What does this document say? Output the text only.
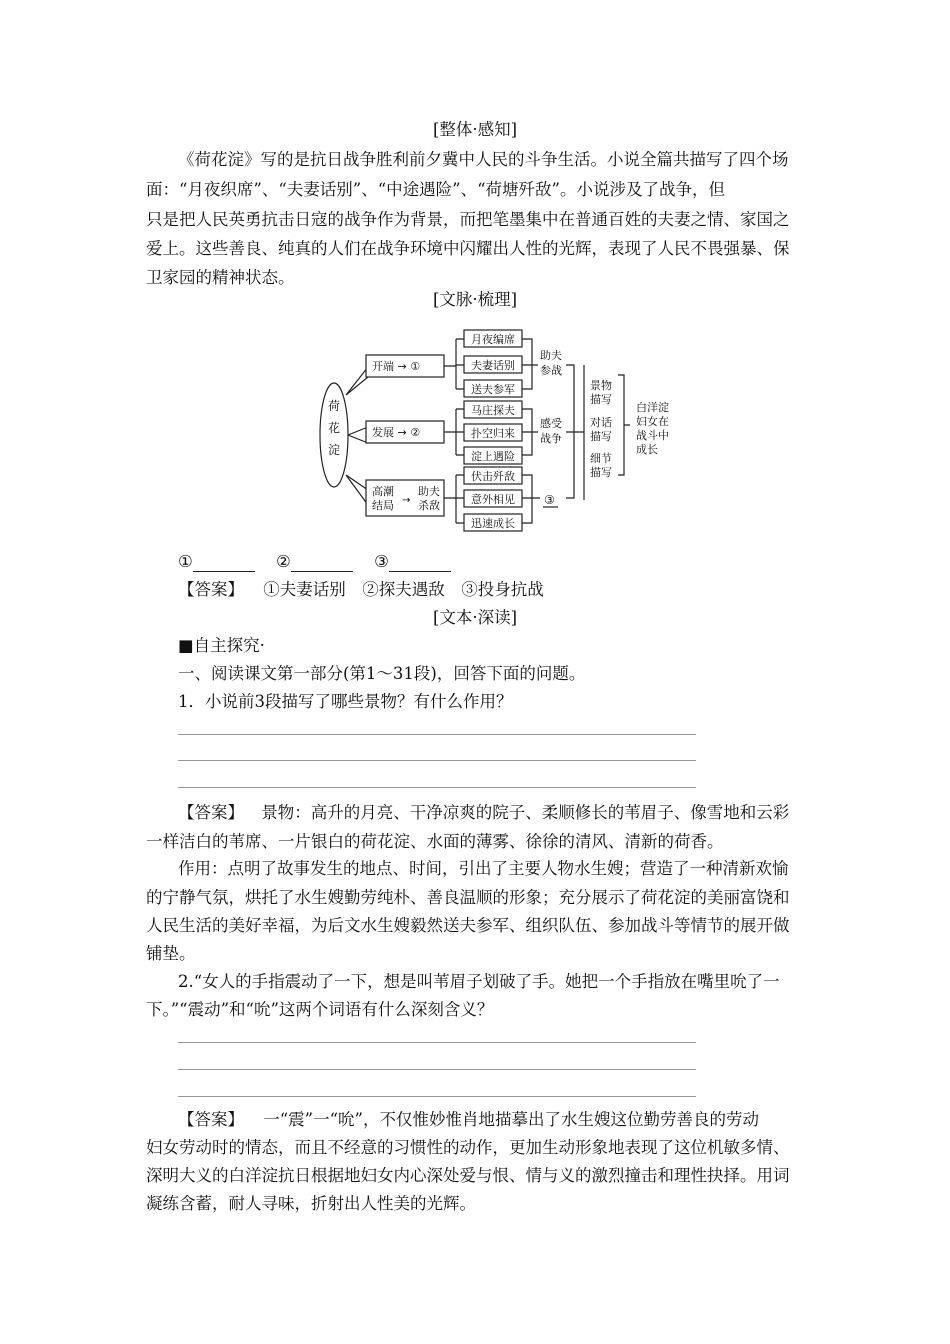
[整体·感知]
《荷花淀》写的是抗日战争胜利前夕冀中人民的斗争生活。小说全篇共描写了四个场
面：“月夜织席”、“夫妻话别”、“中途遇险”、“荷塘歼敌”。小说涉及了战争，但
只是把人民英勇抗击日寇的战争作为背景，而把笔墨集中在普通百姓的夫妻之情、家国之
爱上。这些善良、纯真的人们在战争环境中闪耀出人性的光辉，表现了人民不畏强暴、保
卫家园的精神状态。
[文脉·梳理]
荷
花
淀
开端 → ①
发展 → ②
高潮
结局 →
助夫
杀敌
月夜编席
夫妻话别
送夫参军
马庄探夫
扑空归来
淀上遇险
伏击歼敌
意外相见
迅速成长
助夫
参战
感受
战争
③
景物
描写
对话
描写
细节
描写
白洋淀
妇女在
战斗中
成长
①	②	③
【答案】 ①夫妻话别　②探夫遇敌　③投身抗战
[文本·深读]
■自主探究·
一、阅读课文第一部分(第1～31段)，回答下面的问题。
1．小说前3段描写了哪些景物？有什么作用？
【答案】 景物：高升的月亮、干净凉爽的院子、柔顺修长的苇眉子、像雪地和云彩
一样洁白的苇席、一片银白的荷花淀、水面的薄雾、徐徐的清风、清新的荷香。
作用：点明了故事发生的地点、时间，引出了主要人物水生嫂；营造了一种清新欢愉
的宁静气氛，烘托了水生嫂勤劳纯朴、善良温顺的形象；充分展示了荷花淀的美丽富饶和
人民生活的美好幸福，为后文水生嫂毅然送夫参军、组织队伍、参加战斗等情节的展开做
铺垫。
2.“女人的手指震动了一下，想是叫苇眉子划破了手。她把一个手指放在嘴里吮了一
下。”“震动”和“吮”这两个词语有什么深刻含义？
【答案】 一“震”一“吮”，不仅惟妙惟肖地描摹出了水生嫂这位勤劳善良的劳动
妇女劳动时的情态，而且不经意的习惯性的动作，更加生动形象地表现了这位机敏多情、
深明大义的白洋淀抗日根据地妇女内心深处爱与恨、情与义的激烈撞击和理性抉择。用词
凝练含蓄，耐人寻味，折射出人性美的光辉。
